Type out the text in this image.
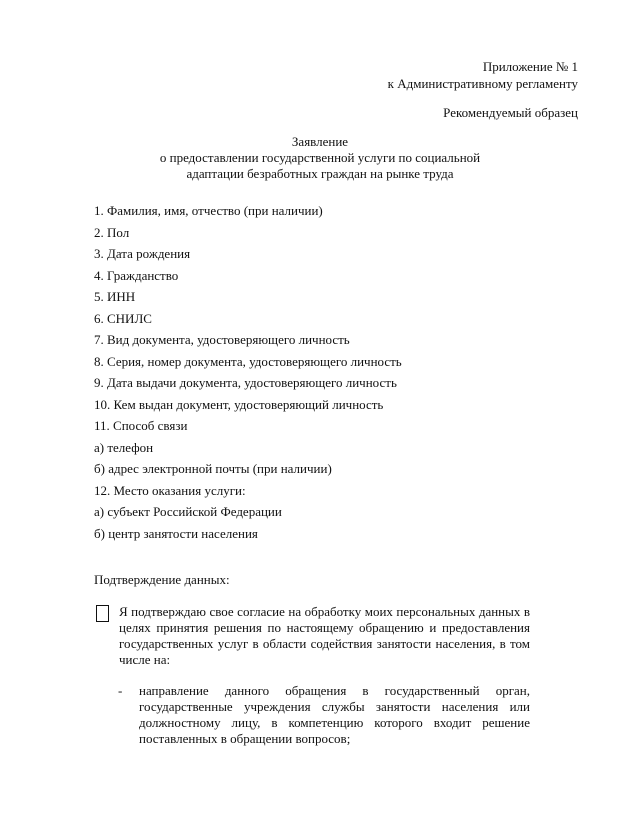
Приложение № 1
к Административному регламенту
Рекомендуемый образец
Заявление
о предоставлении государственной услуги по социальной
адаптации безработных граждан на рынке труда
1. Фамилия, имя, отчество (при наличии)
2. Пол
3. Дата рождения
4. Гражданство
5. ИНН
6. СНИЛС
7. Вид документа, удостоверяющего личность
8. Серия, номер документа, удостоверяющего личность
9. Дата выдачи документа, удостоверяющего личность
10. Кем выдан документ, удостоверяющий личность
11. Способ связи
а) телефон
б) адрес электронной почты (при наличии)
12. Место оказания услуги:
а) субъект Российской Федерации
б) центр занятости населения
Подтверждение данных:
Я подтверждаю свое согласие на обработку моих персональных данных в целях принятия решения по настоящему обращению и предоставления государственных услуг в области содействия занятости населения, в том числе на:
- направление данного обращения в государственный орган, государственные учреждения службы занятости населения или должностному лицу, в компетенцию которого входит решение поставленных в обращении вопросов;
